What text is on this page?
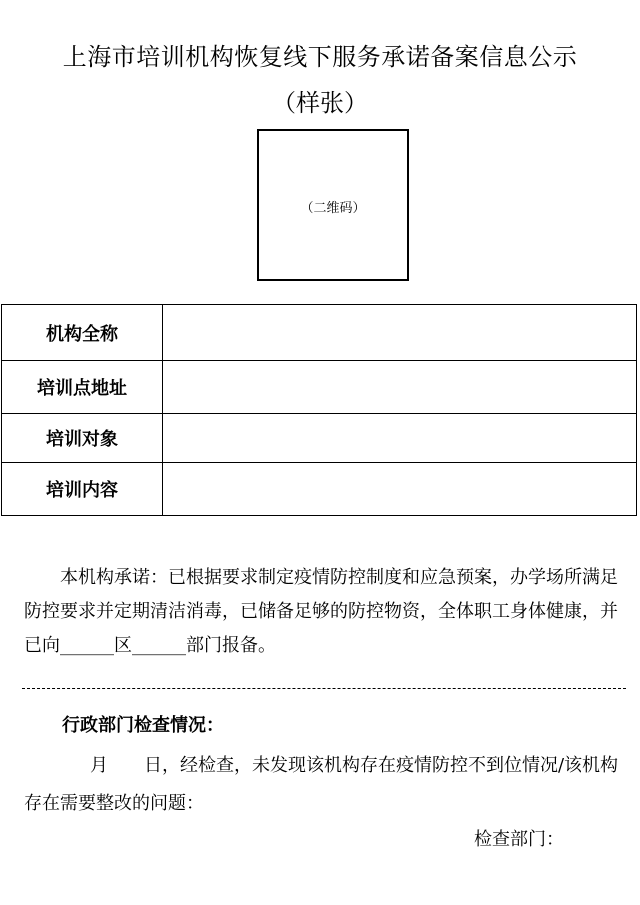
上海市培训机构恢复线下服务承诺备案信息公示
（样张）
（二维码）
机构全称	
培训点地址	
培训对象	
培训内容	

本机构承诺：已根据要求制定疫情防控制度和应急预案，办学场所满足防控要求并定期清洁消毒，已储备足够的防控物资，全体职工身体健康，并已向______区______部门报备。

行政部门检查情况：

月　　日，经检查，未发现该机构存在疫情防控不到位情况/该机构存在需要整改的问题：

检查部门：
